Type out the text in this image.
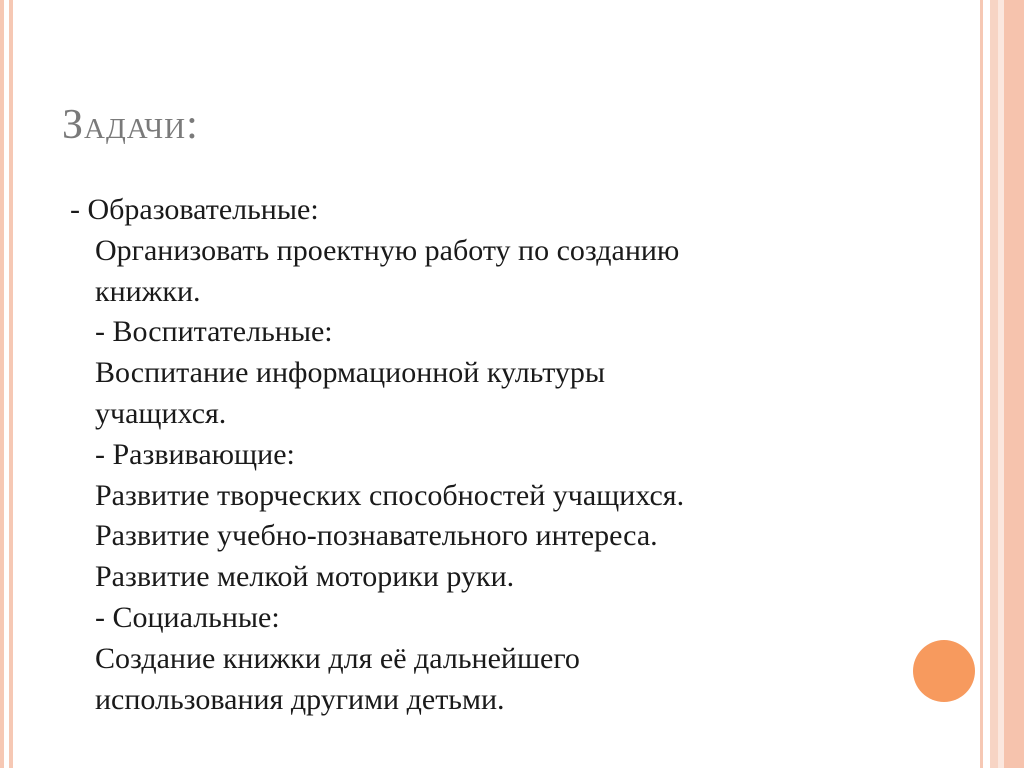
Задачи:
- Образовательные:
Организовать проектную работу по созданию
книжки.
- Воспитательные:
Воспитание информационной культуры
учащихся.
- Развивающие:
Развитие творческих способностей учащихся.
Развитие учебно-познавательного интереса.
Развитие мелкой моторики руки.
- Социальные:
Создание книжки для её дальнейшего
использования другими детьми.
